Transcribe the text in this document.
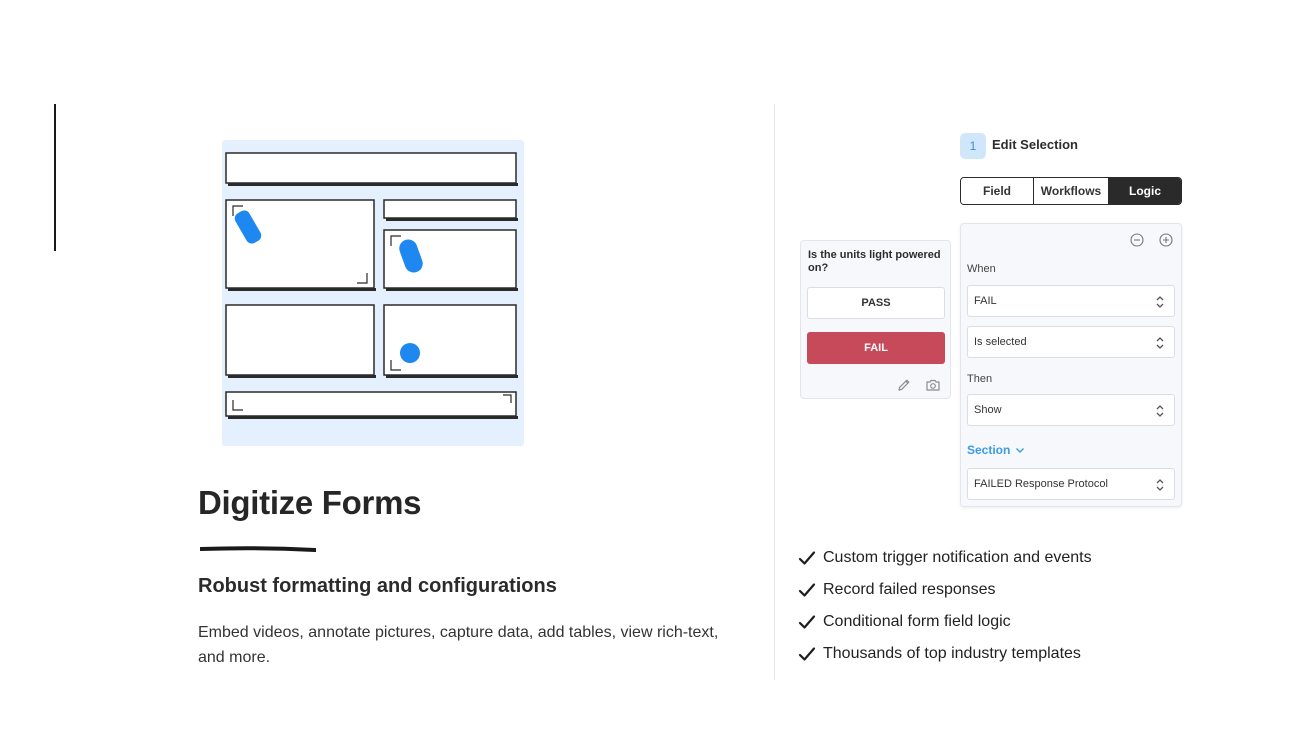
Digitize Forms
Robust formatting and configurations
Embed videos, annotate pictures, capture data, add tables, view rich-text, and more.
1	Edit Selection
Field	Workflows	Logic
Is the units light powered on?
PASS
FAIL
When
FAIL
Is selected
Then
Show
Section
FAILED Response Protocol
Custom trigger notification and events
Record failed responses
Conditional form field logic
Thousands of top industry templates
